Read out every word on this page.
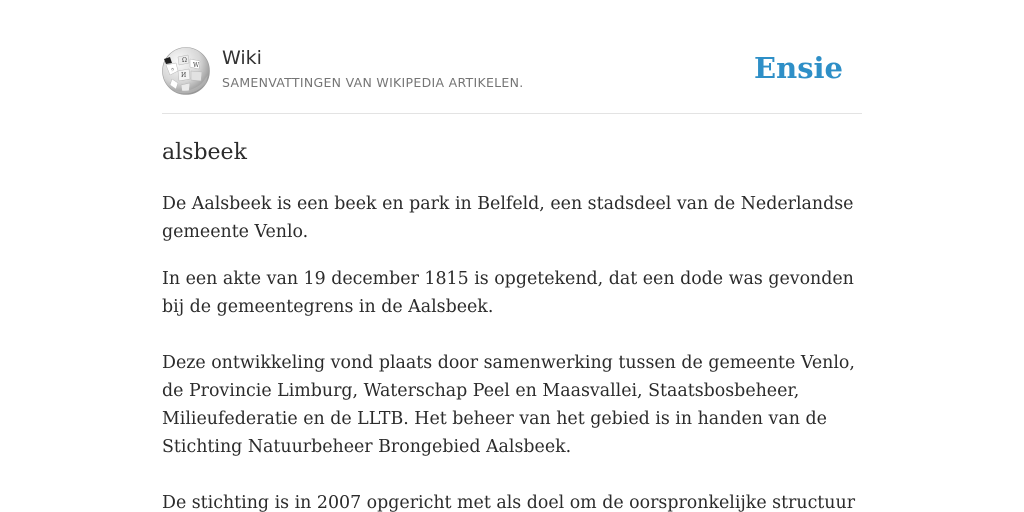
Ω
W
И
ゥ
Wiki
SAMENVATTINGEN VAN WIKIPEDIA ARTIKELEN.	Ensie
alsbeek

De Aalsbeek is een beek en park in Belfeld, een stadsdeel van de Nederlandse gemeente Venlo.

In een akte van 19 december 1815 is opgetekend, dat een dode was gevonden bij de gemeentegrens in de Aalsbeek.

Deze ontwikkeling vond plaats door samenwerking tussen de gemeente Venlo, de Provincie Limburg, Waterschap Peel en Maasvallei, Staatsbosbeheer, Milieufederatie en de LLTB. Het beheer van het gebied is in handen van de Stichting Natuurbeheer Brongebied Aalsbeek.

De stichting is in 2007 opgericht met als doel om de oorspronkelijke structuur
